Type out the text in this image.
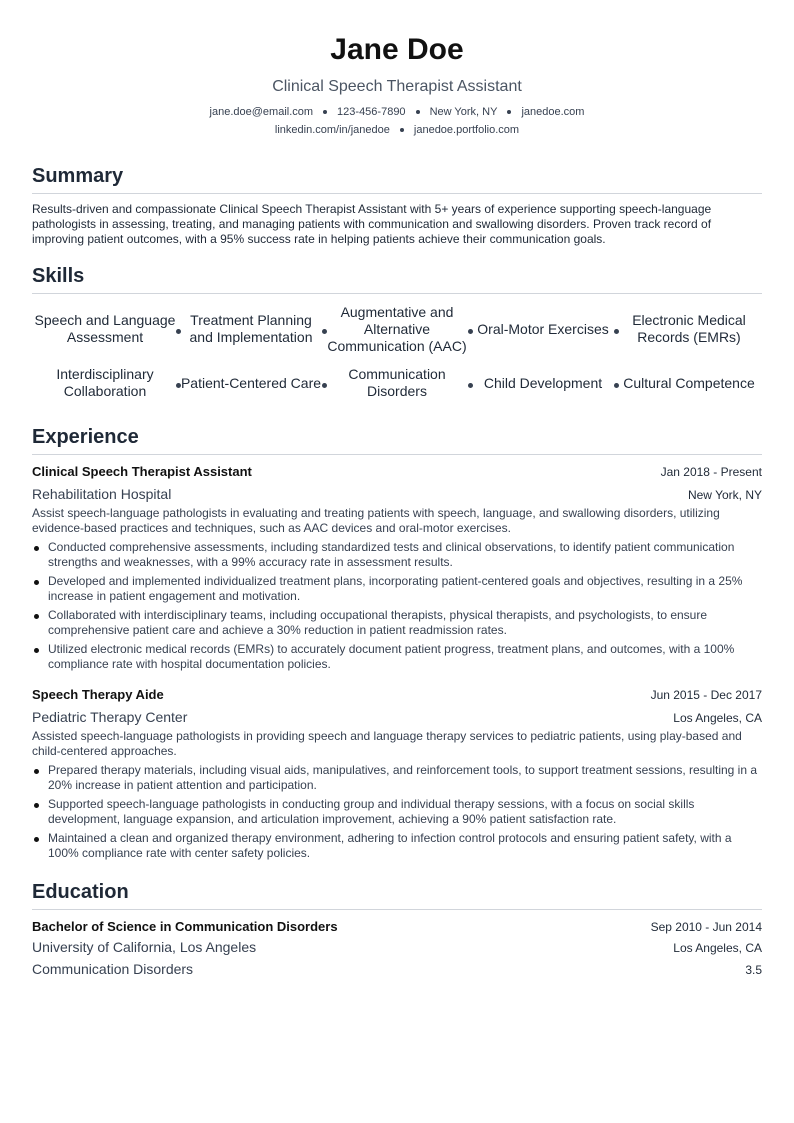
Jane Doe
Clinical Speech Therapist Assistant
jane.doe@email.com 123-456-7890 New York, NY janedoe.com
linkedin.com/in/janedoe janedoe.portfolio.com
Summary
Results-driven and compassionate Clinical Speech Therapist Assistant with 5+ years of experience supporting speech-language pathologists in assessing, treating, and managing patients with communication and swallowing disorders. Proven track record of improving patient outcomes, with a 95% success rate in helping patients achieve their communication goals.
Skills
Speech and Language Assessment
Treatment Planning and Implementation
Augmentative and Alternative Communication (AAC)
Oral-Motor Exercises
Electronic Medical Records (EMRs)
Interdisciplinary Collaboration
Patient-Centered Care
Communication Disorders
Child Development Cultural Competence
Experience
Clinical Speech Therapist Assistant	Jan 2018 - Present
Rehabilitation Hospital	New York, NY
Assist speech-language pathologists in evaluating and treating patients with speech, language, and swallowing disorders, utilizing evidence-based practices and techniques, such as AAC devices and oral-motor exercises.
Conducted comprehensive assessments, including standardized tests and clinical observations, to identify patient communication strengths and weaknesses, with a 99% accuracy rate in assessment results.
Developed and implemented individualized treatment plans, incorporating patient-centered goals and objectives, resulting in a 25% increase in patient engagement and motivation.
Collaborated with interdisciplinary teams, including occupational therapists, physical therapists, and psychologists, to ensure comprehensive patient care and achieve a 30% reduction in patient readmission rates.
Utilized electronic medical records (EMRs) to accurately document patient progress, treatment plans, and outcomes, with a 100% compliance rate with hospital documentation policies.
Speech Therapy Aide	Jun 2015 - Dec 2017
Pediatric Therapy Center	Los Angeles, CA
Assisted speech-language pathologists in providing speech and language therapy services to pediatric patients, using play-based and child-centered approaches.
Prepared therapy materials, including visual aids, manipulatives, and reinforcement tools, to support treatment sessions, resulting in a 20% increase in patient attention and participation.
Supported speech-language pathologists in conducting group and individual therapy sessions, with a focus on social skills development, language expansion, and articulation improvement, achieving a 90% patient satisfaction rate.
Maintained a clean and organized therapy environment, adhering to infection control protocols and ensuring patient safety, with a 100% compliance rate with center safety policies.
Education
Bachelor of Science in Communication Disorders	Sep 2010 - Jun 2014
University of California, Los Angeles	Los Angeles, CA
Communication Disorders	3.5
